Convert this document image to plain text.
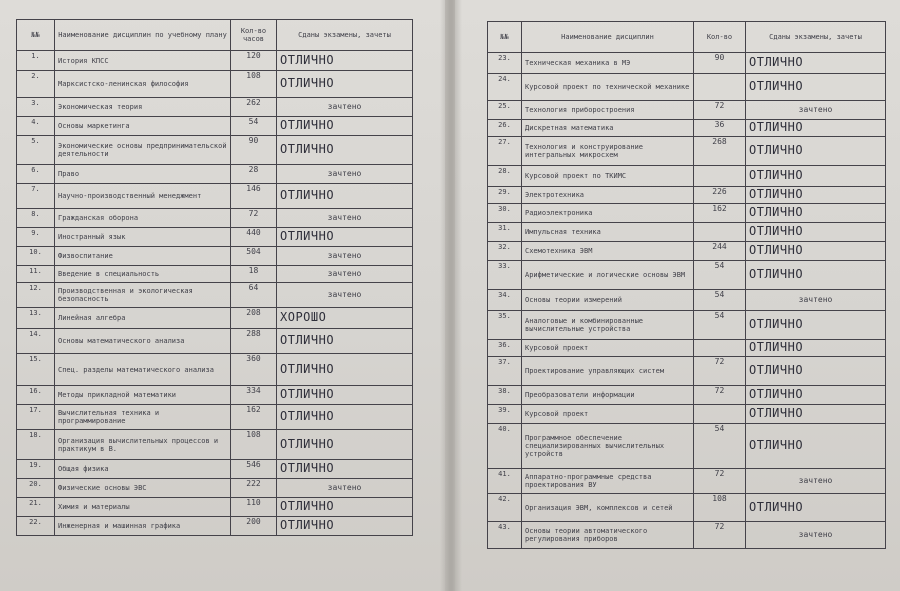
№№	Наименование дисциплин по учебному плану	Кол-во часов	Сданы экзамены, зачеты
1.	История КПСС	120	ОТЛИЧНО
2.	Марксистско-ленинская философия	108	ОТЛИЧНО
3.	Экономическая теория	262	зачтено

4.	Основы маркетинга	54	ОТЛИЧНО
5.	Экономические основы предпринимательской деятельности	90	ОТЛИЧНО
6.	Право	28	зачтено

7.	Научно-производственный менеджмент	146	ОТЛИЧНО
8.	Гражданская оборона	72	зачтено

9.	Иностранный язык	440	ОТЛИЧНО
10.	Физвоспитание	504	зачтено

11.	Введение в специальность	18	зачтено

12.	Производственная и экологическая безопасность	64	зачтено

13.	Линейная алгебра	208	ХОРОШО
14.	Основы математического анализа	288	ОТЛИЧНО
15.	Спец. разделы математического анализа	360	ОТЛИЧНО
16.	Методы прикладной математики	334	ОТЛИЧНО
17.	Вычислительная техника и программирование	162	ОТЛИЧНО
18.	Организация вычислительных процессов и практикум в В.	108	ОТЛИЧНО
19.	Общая физика	546	ОТЛИЧНО
20.	Физические основы ЭВС	222	зачтено

21.	Химия и материалы	110	ОТЛИЧНО
22.	Инженерная и машинная графика	200	ОТЛИЧНО
№№	Наименование дисциплин	Кол-во	Сданы экзамены, зачеты
23.	Техническая механика в МЭ	90	ОТЛИЧНО
24.	Курсовой проект по технической механике		ОТЛИЧНО
25.	Технология приборостроения	72	зачтено

26.	Дискретная математика	36	ОТЛИЧНО
27.	Технология и конструирование интегральных микросхем	268	ОТЛИЧНО
28.	Курсовой проект по ТКИМС		ОТЛИЧНО
29.	Электротехника	226	ОТЛИЧНО
30.	Радиоэлектроника	162	ОТЛИЧНО
31.	Импульсная техника		ОТЛИЧНО
32.	Схемотехника ЭВМ	244	ОТЛИЧНО
33.	Арифметические и логические основы ЭВМ	54	ОТЛИЧНО
34.	Основы теории измерений	54	зачтено

35.	Аналоговые и комбинированные вычислительные устройства	54	ОТЛИЧНО
36.	Курсовой проект		ОТЛИЧНО
37.	Проектирование управляющих систем	72	ОТЛИЧНО
38.	Преобразователи информации	72	ОТЛИЧНО
39.	Курсовой проект		ОТЛИЧНО
40.	Программное обеспечение специализированных вычислительных устройств	54	ОТЛИЧНО
41.	Аппаратно-программные средства проектирования ВУ	72	зачтено

42.	Организация ЭВМ, комплексов и сетей	108	ОТЛИЧНО
43.	Основы теории автоматического регулирования приборов	72	зачтено
